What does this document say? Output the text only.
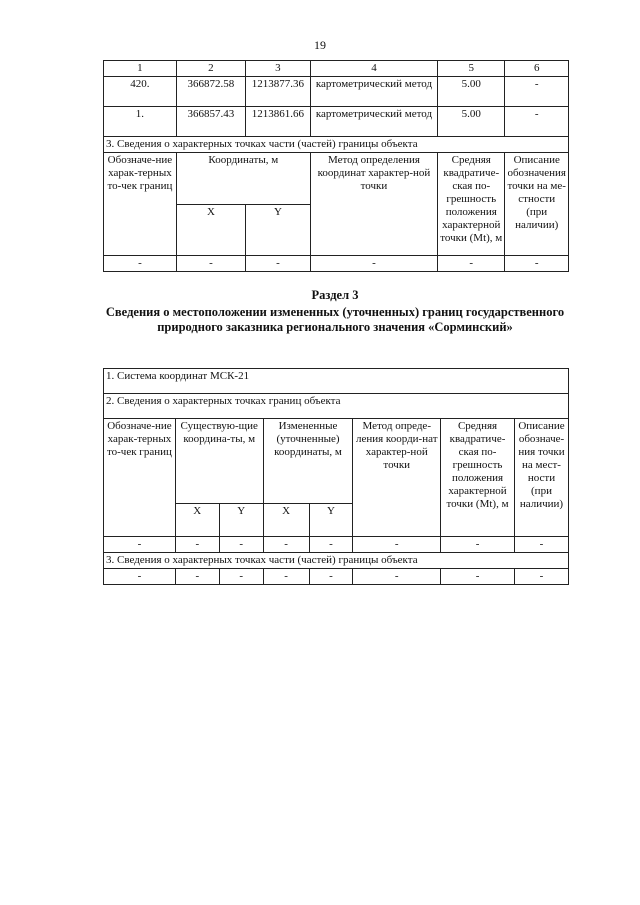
19
1	2	3	4	5	6
420.	366872.58	1213877.36	картометрический метод	5.00	-
1.	366857.43	1213861.66	картометрический метод	5.00	-
3. Сведения о характерных точках части (частей) границы объекта					
Обозначе-ние харак-терных то-чек границ	Координаты, м		Метод определения координат характер-ной точки	Средняя квадратиче-ская по-грешность положения характерной точки (Mt), м	Описание обозначения точки на ме-стности (при наличии)
	X	Y			
-	-	-	-	-	-
Раздел 3
Сведения о местоположении измененных (уточненных) границ государственного природного заказника регионального значения «Сорминский»
1. Система координат МСК-21							
2. Сведения о характерных точках границ объекта							
Обозначе-ние харак-терных то-чек границ	Существую-щие координа-ты, м		Измененные (уточненные) координаты, м		Метод опреде-ления коорди-нат характер-ной точки	Средняя квадратиче-ская по-грешность положения характерной точки (Mt), м	Описание обозначе-ния точки на мест-ности (при наличии)
	X	Y	X	Y			
-	-	-	-	-	-	-	-
3. Сведения о характерных точках части (частей) границы объекта							
-	-	-	-	-	-	-	-
